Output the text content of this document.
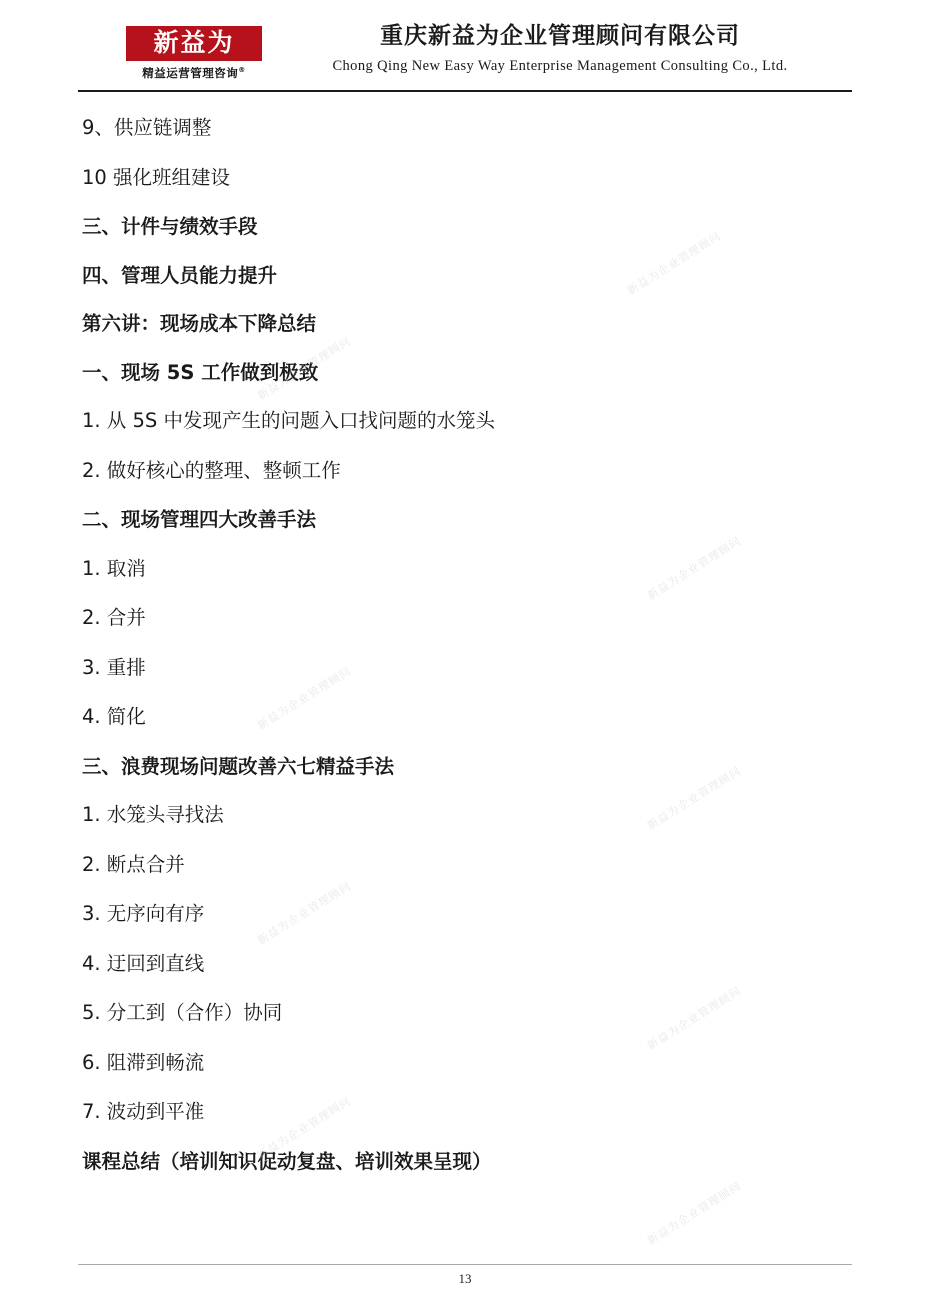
新益为
精益运营管理咨询®
重庆新益为企业管理顾问有限公司
Chong Qing New Easy Way Enterprise Management Consulting Co., Ltd.
9、供应链调整
10 强化班组建设
三、计件与绩效手段
四、管理人员能力提升
第六讲：现场成本下降总结
一、现场 5S 工作做到极致
1. 从 5S 中发现产生的问题入口找问题的水笼头
2. 做好核心的整理、整顿工作
二、现场管理四大改善手法
1. 取消
2. 合并
3. 重排
4. 简化
三、浪费现场问题改善六七精益手法
1. 水笼头寻找法
2. 断点合并
3. 无序向有序
4. 迂回到直线
5. 分工到（合作）协同
6. 阻滞到畅流
7. 波动到平准
课程总结（培训知识促动复盘、培训效果呈现）
新益为企业管理顾问
新益为企业管理顾问
新益为企业管理顾问
新益为企业管理顾问
新益为企业管理顾问
新益为企业管理顾问
新益为企业管理顾问
新益为企业管理顾问
新益为企业管理顾问
13
